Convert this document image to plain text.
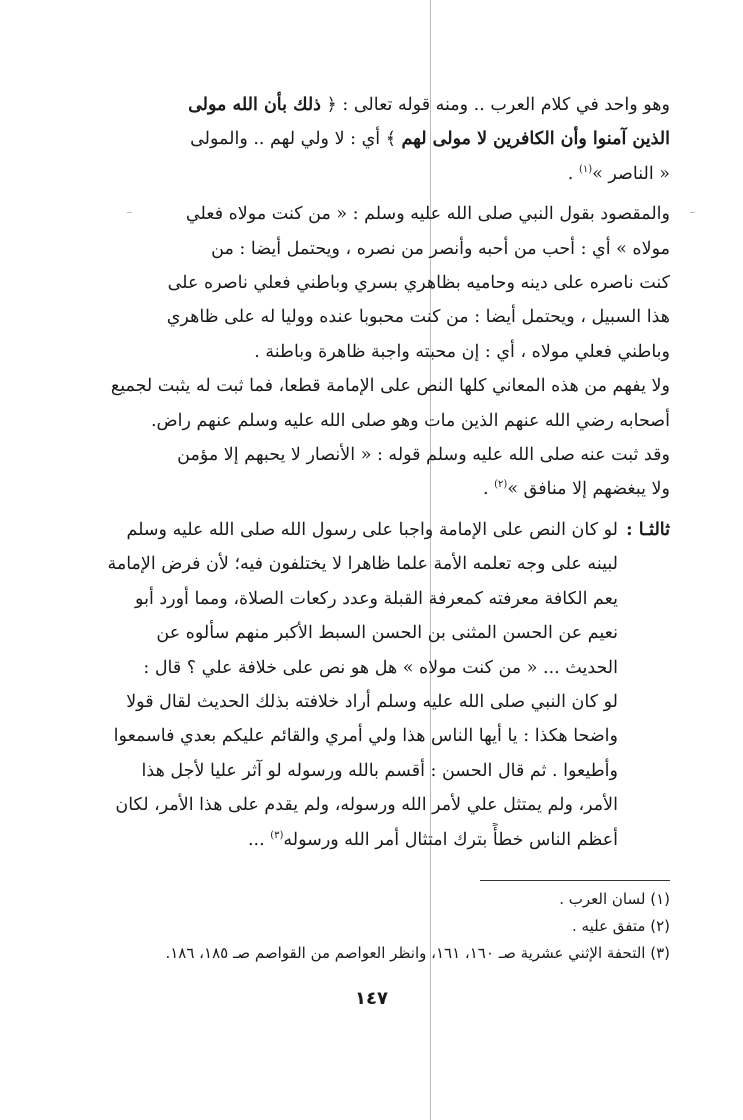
وهو واحد في كلام العرب .. ومنه قوله تعالى : ﴿ ذلك بأن الله مولى
الذين آمنوا وأن الكافرين لا مولى لهم ﴾ أي : لا ولي لهم .. والمولى
« الناصر »$^{(١)}$ .
والمقصود بقول النبي صلى الله عليه وسلم : « من كنت مولاه فعلي
مولاه » أي : أحب من أحبه وأنصر من نصره ، ويحتمل أيضا : من
كنت ناصره على دينه وحاميه بظاهري بسري وباطني فعلي ناصره على
هذا السبيل ، ويحتمل أيضا : من كنت محبوبا عنده ووليا له على ظاهري
وباطني فعلي مولاه ، أي : إن محبته واجبة ظاهرة وباطنة .
ولا يفهم من هذه المعاني كلها النص على الإمامة قطعا، فما ثبت له يثبت لجميع
أصحابه رضي الله عنهم الذين مات وهو صلى الله عليه وسلم عنهم راض.
وقد ثبت عنه صلى الله عليه وسلم قوله : « الأنصار لا يحبهم إلا مؤمن
ولا يبغضهم إلا منافق »$^{(٢)}$ .
ثالثـا :
لو كان النص على الإمامة واجبا على رسول الله صلى الله عليه وسلم
لبينه على وجه تعلمه الأمة علما ظاهرا لا يختلفون فيه؛ لأن فرض الإمامة
يعم الكافة معرفته كمعرفة القبلة وعدد ركعات الصلاة، ومما أورد أبو
نعيم عن الحسن المثنى بن الحسن السبط الأكبر منهم سألوه عن
الحديث ... « من كنت مولاه » هل هو نص على خلافة علي ؟ قال :
لو كان النبي صلى الله عليه وسلم أراد خلافته بذلك الحديث لقال قولا
واضحا هكذا : يا أيها الناس هذا ولي أمري والقائم عليكم بعدي فاسمعوا
وأطيعوا . ثم قال الحسن : أقسم بالله ورسوله لو آثر عليا لأجل هذا
الأمر، ولم يمتثل علي لأمر الله ورسوله، ولم يقدم على هذا الأمر، لكان
أعظم الناس خطأً بترك امتثال أمر الله ورسوله$^{(٣)}$ ...
(١) لسان العرب .
(٢) متفق عليه .
(٣) التحفة الإثني عشرية صـ ١٦٠، ١٦١، وانظر العواصم من القواصم صـ ١٨٥، ١٨٦.
١٤٧
